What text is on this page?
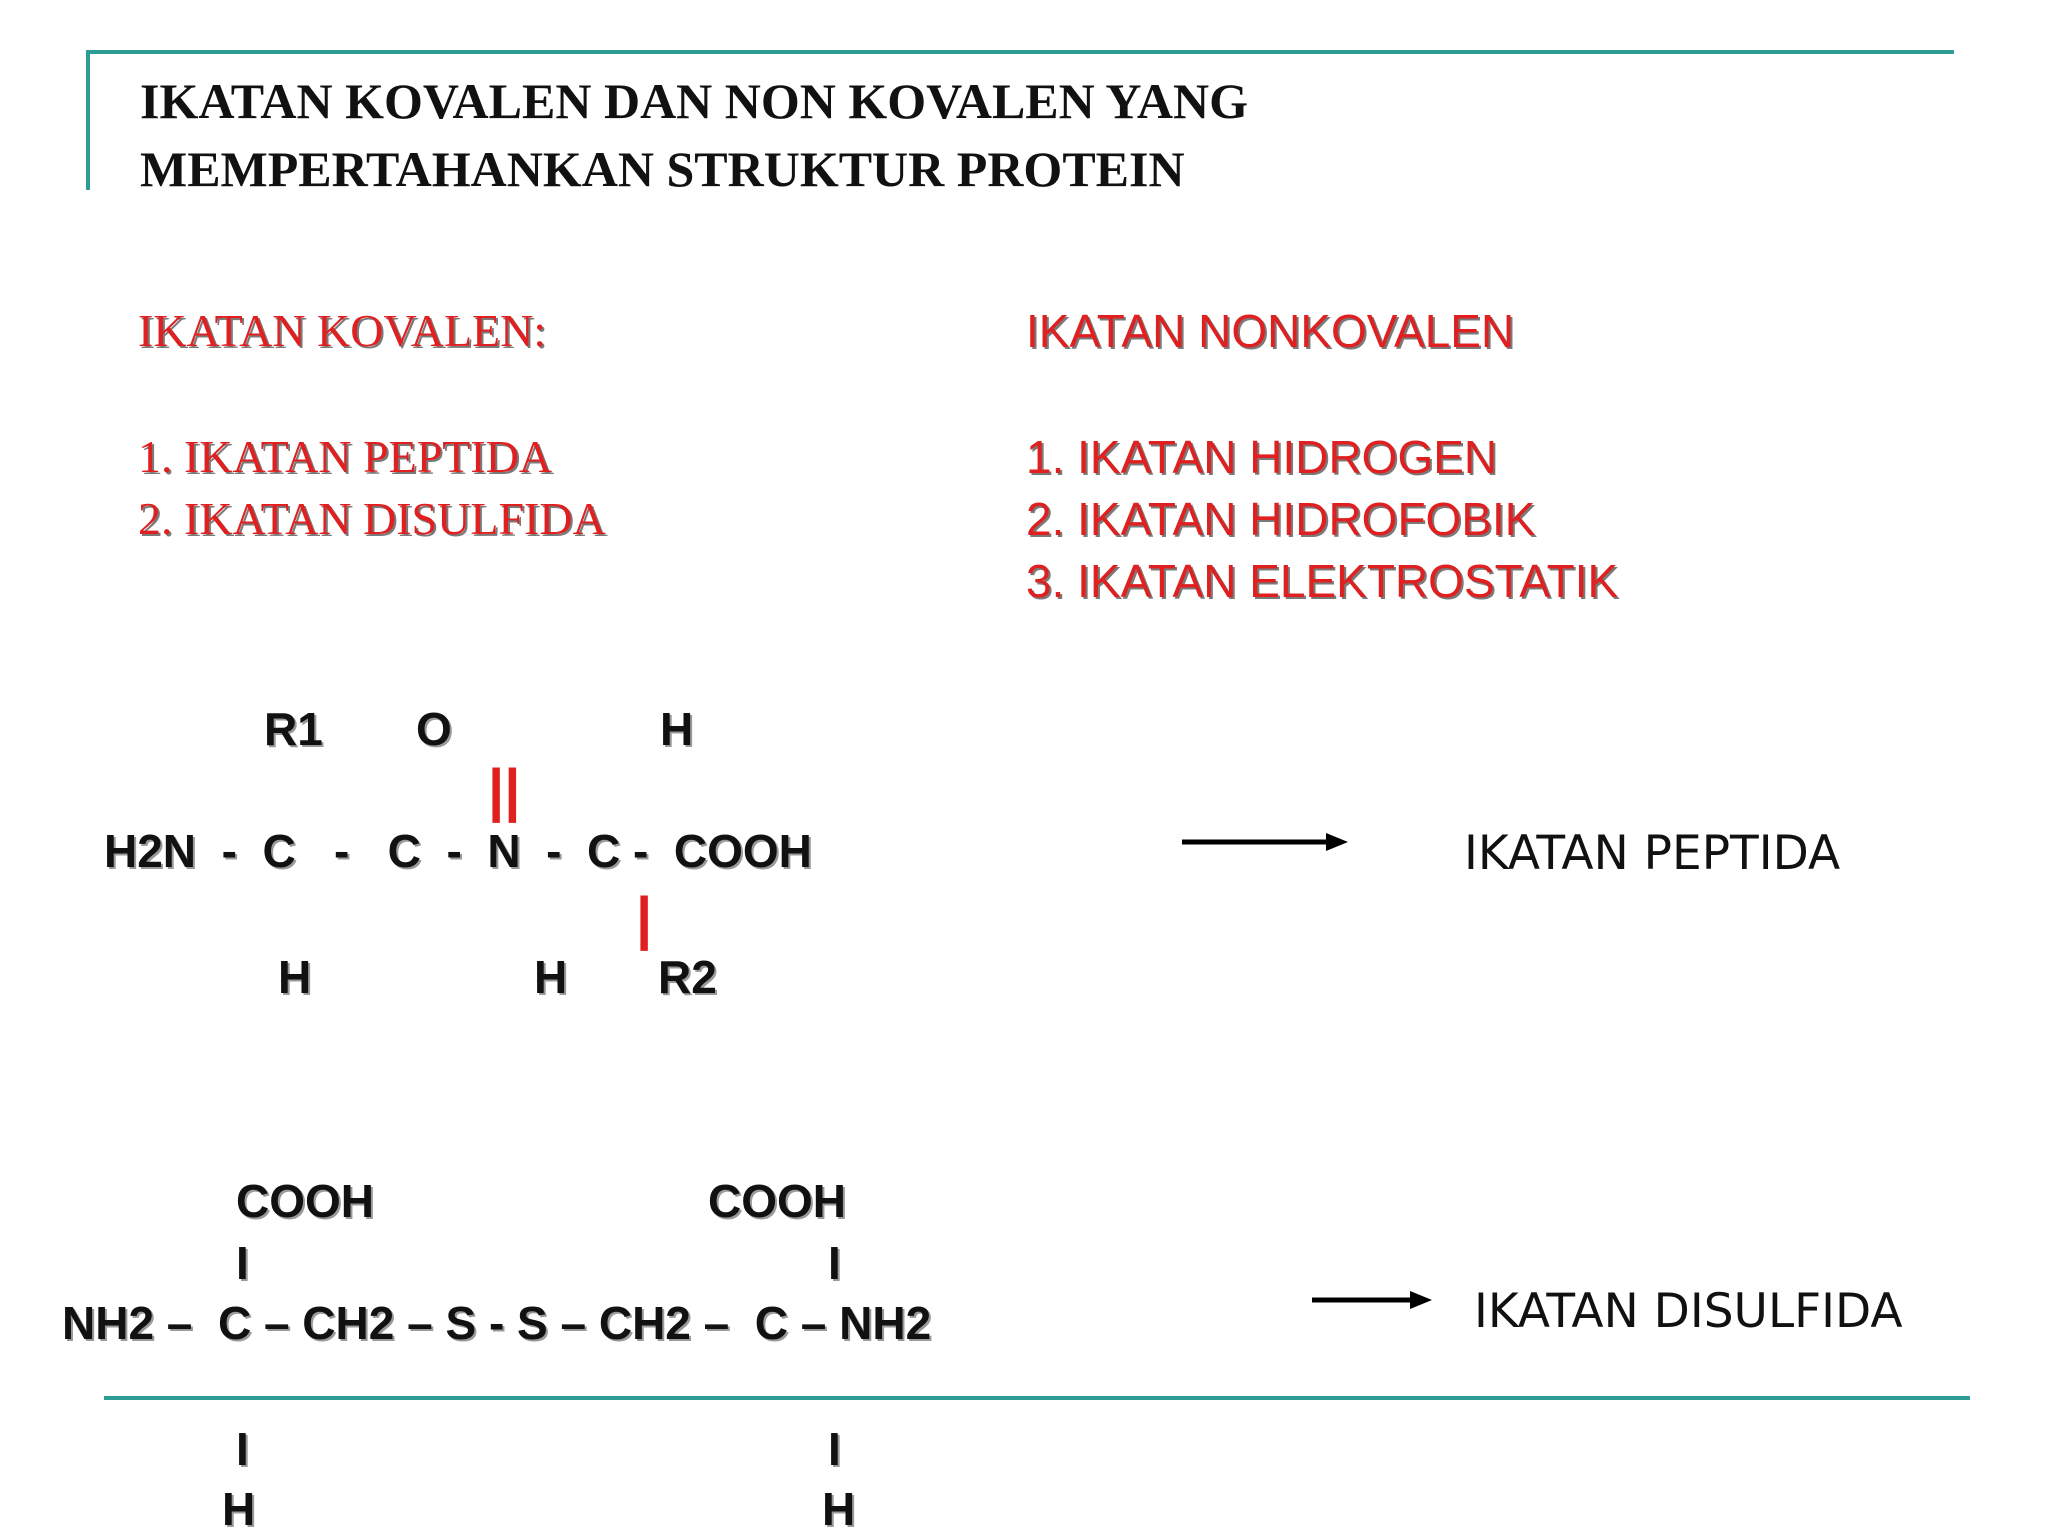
IKATAN KOVALEN DAN NON KOVALEN YANG
MEMPERTAHANKAN STRUKTUR PROTEIN
IKATAN KOVALEN:
1. IKATAN PEPTIDA
2. IKATAN DISULFIDA
IKATAN NONKOVALEN
1. IKATAN HIDROGEN
2. IKATAN HIDROFOBIK
3. IKATAN ELEKTROSTATIK
R1 O	H
||
H2N  -  C   -   C  -  N  -  C -  COOH
|
H	H R2
IKATAN PEPTIDA
COOH	COOH
I	I
NH2 –  C – CH2 – S - S – CH2 –  C – NH2	IKATAN DISULFIDA
I	I
H	H
